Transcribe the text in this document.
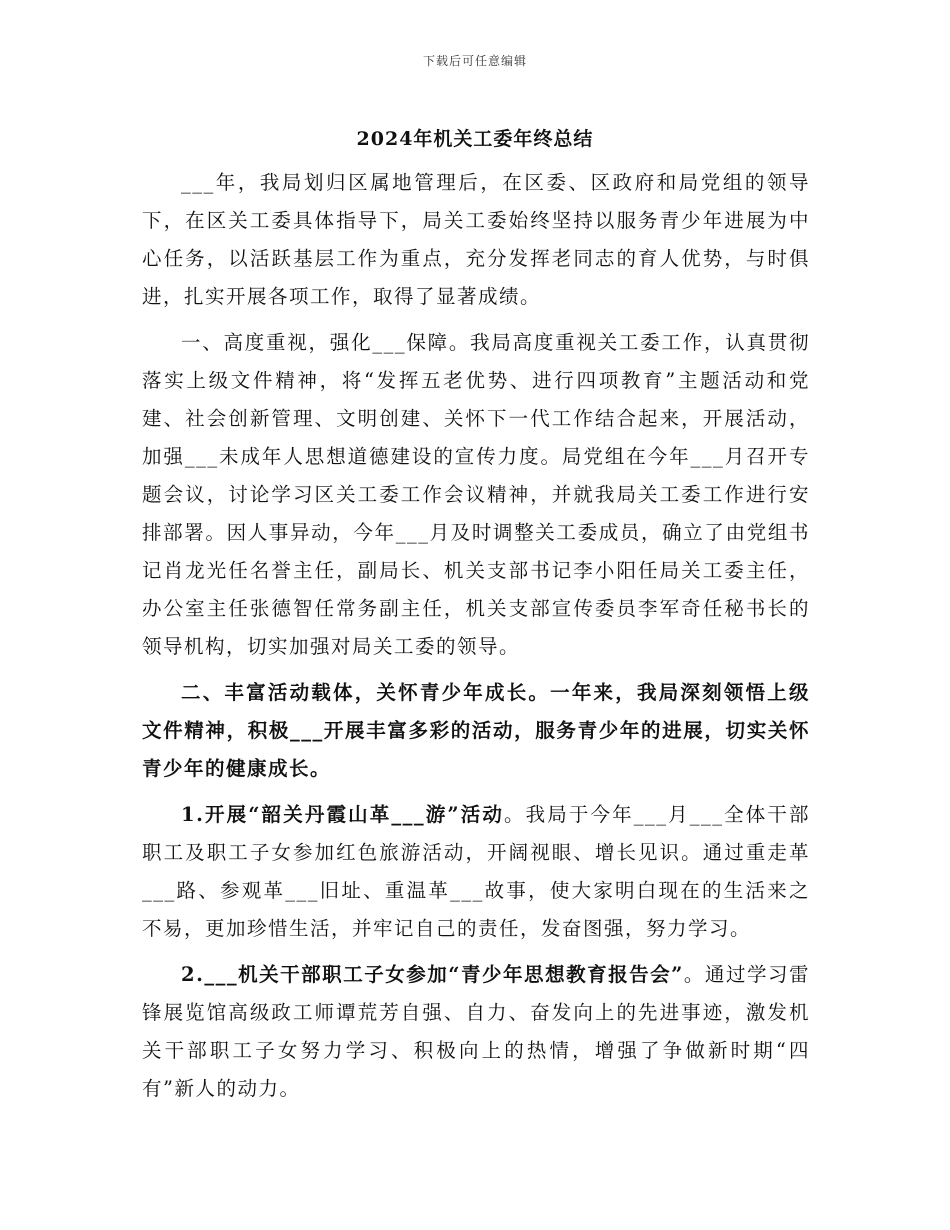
下载后可任意编辑
2024年机关工委年终总结

___年，我局划归区属地管理后，在区委、区政府和局党组的领导下，在区关工委具体指导下，局关工委始终坚持以服务青少年进展为中心任务，以活跃基层工作为重点，充分发挥老同志的育人优势，与时俱进，扎实开展各项工作，取得了显著成绩。

一、高度重视，强化___保障。我局高度重视关工委工作，认真贯彻落实上级文件精神，将“发挥五老优势、进行四项教育”主题活动和党建、社会创新管理、文明创建、关怀下一代工作结合起来，开展活动，加强___未成年人思想道德建设的宣传力度。局党组在今年___月召开专题会议，讨论学习区关工委工作会议精神，并就我局关工委工作进行安排部署。因人事异动，今年___月及时调整关工委成员，确立了由党组书记肖龙光任名誉主任，副局长、机关支部书记李小阳任局关工委主任，办公室主任张德智任常务副主任，机关支部宣传委员李军奇任秘书长的领导机构，切实加强对局关工委的领导。

二、丰富活动载体，关怀青少年成长。一年来，我局深刻领悟上级文件精神，积极___开展丰富多彩的活动，服务青少年的进展，切实关怀青少年的健康成长。

1.开展“韶关丹霞山革___游”活动。我局于今年___月___全体干部职工及职工子女参加红色旅游活动，开阔视眼、增长见识。通过重走革___路、参观革___旧址、重温革___故事，使大家明白现在的生活来之不易，更加珍惜生活，并牢记自己的责任，发奋图强，努力学习。

2.___机关干部职工子女参加“青少年思想教育报告会”。通过学习雷锋展览馆高级政工师谭荒芳自强、自力、奋发向上的先进事迹，激发机关干部职工子女努力学习、积极向上的热情，增强了争做新时期“四有”新人的动力。
